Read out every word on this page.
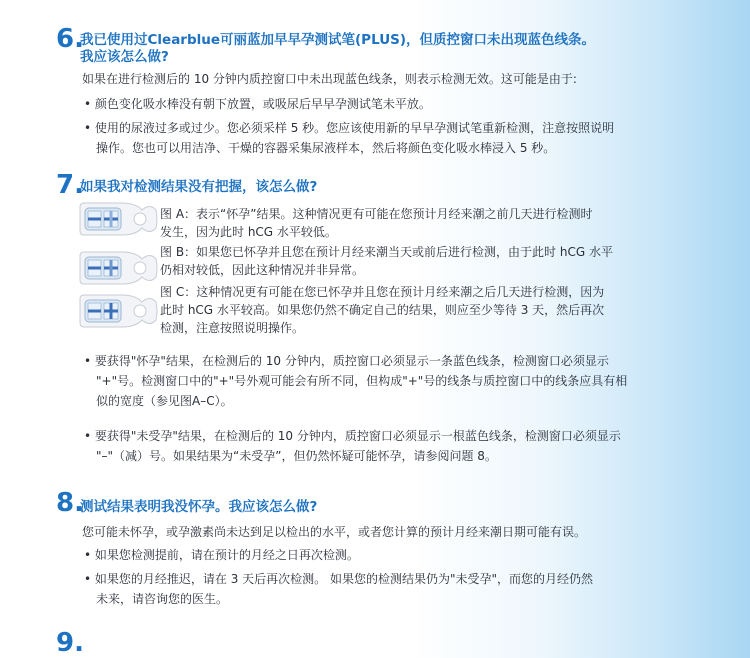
6.
我已使用过Clearblue可丽蓝加早早孕测试笔(PLUS)，但质控窗口未出现蓝色线条。
我应该怎么做?
如果在进行检测后的 10 分钟内质控窗口中未出现蓝色线条，则表示检测无效。这可能是由于:
• 颜色变化吸水棒没有朝下放置，或吸尿后早早孕测试笔未平放。
• 使用的尿液过多或过少。您必须采样 5 秒。您应该使用新的早早孕测试笔重新检测，注意按照说明
操作。您也可以用洁净、干燥的容器采集尿液样本，然后将颜色变化吸水棒浸入 5 秒。
7.
如果我对检测结果没有把握，该怎么做?
图 A：表示“怀孕”结果。这种情况更有可能在您预计月经来潮之前几天进行检测时
发生，因为此时 hCG 水平较低。
图 B：如果您已怀孕并且您在预计月经来潮当天或前后进行检测，由于此时 hCG 水平
仍相对较低，因此这种情况并非异常。
图 C：这种情况更有可能在您已怀孕并且您在预计月经来潮之后几天进行检测，因为
此时 hCG 水平较高。如果您仍然不确定自己的结果，则应至少等待 3 天，然后再次
检测，注意按照说明操作。
• 要获得"怀孕"结果，在检测后的 10 分钟内，质控窗口必须显示一条蓝色线条，检测窗口必须显示
"+"号。检测窗口中的"+"号外观可能会有所不同，但构成"+"号的线条与质控窗口中的线条应具有相
似的宽度（参见图A–C）。
• 要获得"未受孕"结果，在检测后的 10 分钟内，质控窗口必须显示一根蓝色线条，检测窗口必须显示
"–"（减）号。如果结果为“未受孕”，但仍然怀疑可能怀孕，请参阅问题 8。
8.
测试结果表明我没怀孕。我应该怎么做?
您可能未怀孕，或孕激素尚未达到足以检出的水平，或者您计算的预计月经来潮日期可能有误。
• 如果您检测提前，请在预计的月经之日再次检测。
• 如果您的月经推迟，请在 3 天后再次检测。 如果您的检测结果仍为"未受孕"，而您的月经仍然
未来，请咨询您的医生。
9.
